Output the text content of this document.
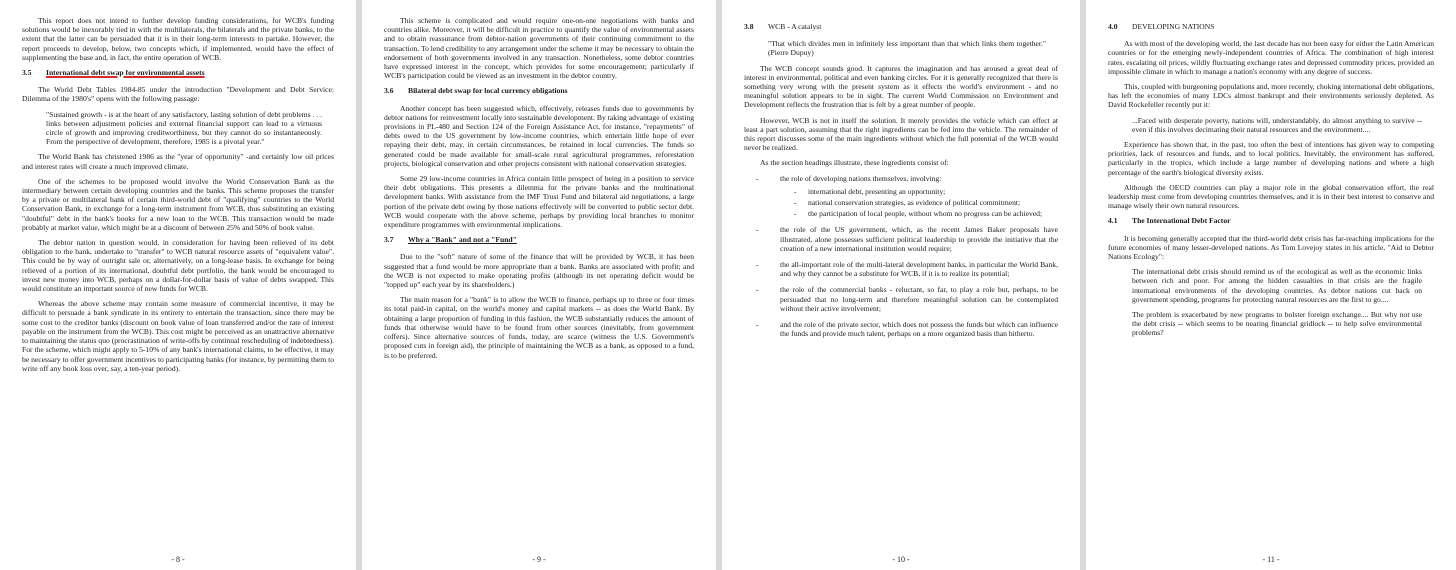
This report does not intend to further develop funding considerations, for WCB's funding solutions would be inexorably tied in with the multilaterals, the bilaterals and the private banks, to the extent that the latter can be persuaded that it is in their long-term interests to partake. However, the report proceeds to develop, below, two concepts which, if implemented, would have the effect of supplementing the base and, in fact, the entire operation of WCB.

3.5 International debt swap for environmental assets

The World Debt Tables 1984-85 under the introduction "Development and Debt Service: Dilemma of the 1980's" opens with the following passage:

"Sustained growth - is at the heart of any satisfactory, lasting solution of debt problems . . . links between adjustment policies and external financial support can lead to a virtuous circle of growth and improving creditworthiness, but they cannot do so instantaneously. From the perspective of development, therefore, 1985 is a pivotal year."

The World Bank has christened 1986 as the "year of opportunity" -and certainly low oil prices and interest rates will create a much improved climate.

One of the schemes to be proposed would involve the World Conservation Bank as the intermediary between certain developing countries and the banks. This scheme proposes the transfer by a private or multilateral bank of certain third-world debt of "qualifying" countries to the World Conservation Bank, in exchange for a long-term instrument from WCB, thus substituting an existing "doubtful" debt in the bank's books for a new loan to the WCB. This transaction would be made probably at market value, which might be at a discount of between 25% and 50% of book value.

The debtor nation in question would, in consideration for having been relieved of its debt obligation to the bank, undertake to "transfer" to WCB natural resource assets of "equivalent value". This could be by way of outright sale or, alternatively, on a long-lease basis. In exchange for being relieved of a portion of its international, doubtful debt portfolio, the bank would be encouraged to invest new money into WCB, perhaps on a dollar-for-dollar basis of value of debts swapped. This would constitute an important source of new funds for WCB.

Whereas the above scheme may contain some measure of commercial incentive, it may be difficult to persuade a bank syndicate in its entirety to entertain the transaction, since there may be some cost to the creditor banks (discount on book value of loan transferred and/or the rate of interest payable on the instrument from the WCB). This cost might be perceived as an unattractive alternative to maintaining the status quo (procrastination of write-offs by continual rescheduling of indebtedness). For the scheme, which might apply to 5-10% of any bank's international claims, to be effective, it may be necessary to offer government incentives to participating banks (for instance, by permitting them to write off any book loss over, say, a ten-year period).

- 8 -

This scheme is complicated and would require one-on-one negotiations with banks and countries alike. Moreover, it will be difficult in practice to quantify the value of environmental assets and to obtain reassurance from debtor-nation governments of their continuing commitment to the transaction. To lend credibility to any arrangement under the scheme it may be necessary to obtain the endorsement of both governments involved in any transaction. Nonetheless, some debtor countries have expressed interest in the concept, which provides for some encouragement; particularly if WCB's participation could be viewed as an investment in the debtor country.

3.6 Bilateral debt swap for local currency obligations

Another concept has been suggested which, effectively, releases funds due to governments by debtor nations for reinvestment locally into sustainable development. By taking advantage of existing provisions in PL-480 and Section 124 of the Foreign Assistance Act, for instance, "repayments" of debts owed to the US government by low-income countries, which entertain little hope of ever repaying their debt, may, in certain circumstances, be retained in local currencies. The funds so generated could be made available for small-scale rural agricultural programmes, reforestation projects, biological conservation and other projects consistent with national conservation strategies.

Some 29 low-income countries in Africa contain little prospect of being in a position to service their debt obligations. This presents a dilemma for the private banks and the multinational development banks. With assistance from the IMF Trust Fund and bilateral aid negotiations, a large portion of the private debt owing by those nations effectively will be converted to public sector debt. WCB would cooperate with the above scheme, perhaps by providing local branches to monitor expenditure programmes with environmental implications.

3.7 Why a "Bank" and not a "Fund"

Due to the "soft" nature of some of the finance that will be provided by WCB, it has been suggested that a fund would be more appropriate than a bank. Banks are associated with profit; and the WCB is not expected to make operating profits (although its net operating deficit would be "topped up" each year by its shareholders.)

The main reason for a "bank" is to allow the WCB to finance, perhaps up to three or four times its total paid-in capital, on the world's money and capital markets -- as does the World Bank. By obtaining a large proportion of funding in this fashion, the WCB substantially reduces the amount of funds that otherwise would have to be found from other sources (inevitably, from government coffers). Since alternative sources of funds, today, are scarce (witness the U.S. Government's proposed cuts in foreign aid), the principle of maintaining the WCB as a bank, as opposed to a fund, is to be preferred.

- 9 -

3.8 WCB - A catalyst

"That which divides men in infinitely less important than that which links them together." (Pierre Dupuy)

The WCB concept sounds good. It captures the imagination and has aroused a great deal of interest in environmental, political and even banking circles. For it is generally recognized that there is something very wrong with the present system as it effects the world's environment - and no meaningful solution appears to be in sight. The current World Commission on Environment and Development reflects the frustration that is felt by a great number of people.

However, WCB is not in itself the solution. It merely provides the vehicle which can effect at least a part solution, assuming that the right ingredients can be fed into the vehicle. The remainder of this report discusses some of the main ingredients without which the full potential of the WCB would never be realized.

As the section headings illustrate, these ingredients consist of:

-	the role of developing nations themselves, involving:
- international debt, presenting an opportunity;
- national conservation strategies, as evidence of political commitment;
- the participation of local people, without whom no progress can be achieved;
-	the role of the US government, which, as the recent James Baker proposals have illustrated, alone possesses sufficient political leadership to provide the initiative that the creation of a new international institution would require;
-	the all-important role of the multi-lateral development banks, in particular the World Bank, and why they cannot be a substitute for WCB, if it is to realize its potential;
-	the role of the commercial banks - reluctant, so far, to play a role but, perhaps, to be persuaded that no long-term and therefore meaningful solution can be contemplated without their active involvement;
-	and the role of the private sector, which does not possess the funds but which can influence the funds and provide much talent, perhaps on a more organized basis than hitherto.
- 10 -

4.0 DEVELOPING NATIONS

As with most of the developing world, the last decade has not been easy for either the Latin American countries or for the emerging newly-independent countries of Africa. The combination of high interest rates, escalating oil prices, wildly fluctuating exchange rates and depressed commodity prices, provided an impossible climate in which to manage a nation's economy with any degree of success.

This, coupled with burgeoning populations and, more recently, choking international debt obligations, has left the economies of many LDCs almost bankrupt and their environments seriously depleted. As David Rockefeller recently put it:

...Faced with desperate poverty, nations will, understandably, do almost anything to survive -- even if this involves decimating their natural resources and the environment....

Experience has shown that, in the past, too often the best of intentions has given way to competing priorities, lack of resources and funds, and to local politics. Inevitably, the environment has suffered, particularly in the tropics, which include a large number of developing nations and where a high percentage of the earth's biological diversity exists.

Although the OECD countries can play a major role in the global conservation effort, the real leadership must come from developing countries themselves, and it is in their best interest to conserve and manage wisely their own natural resources.

4.1 The International Debt Factor

It is becoming generally accepted that the third-world debt crisis has far-reaching implications for the future economies of many lesser-developed nations. As Tom Lovejoy states in his article, "Aid to Debtor Nations Ecology":

The international debt crisis should remind us of the ecological as well as the economic links between rich and poor. For among the hidden casualties in that crisis are the fragile international environments of the developing countries. As debtor nations cut back on government spending, programs for protecting natural resources are the first to go....

The problem is exacerbated by new programs to bolster foreign exchange.... But why not use the debt crisis -- which seems to be nearing financial gridlock -- to help solve environmental problems?

- 11 -
